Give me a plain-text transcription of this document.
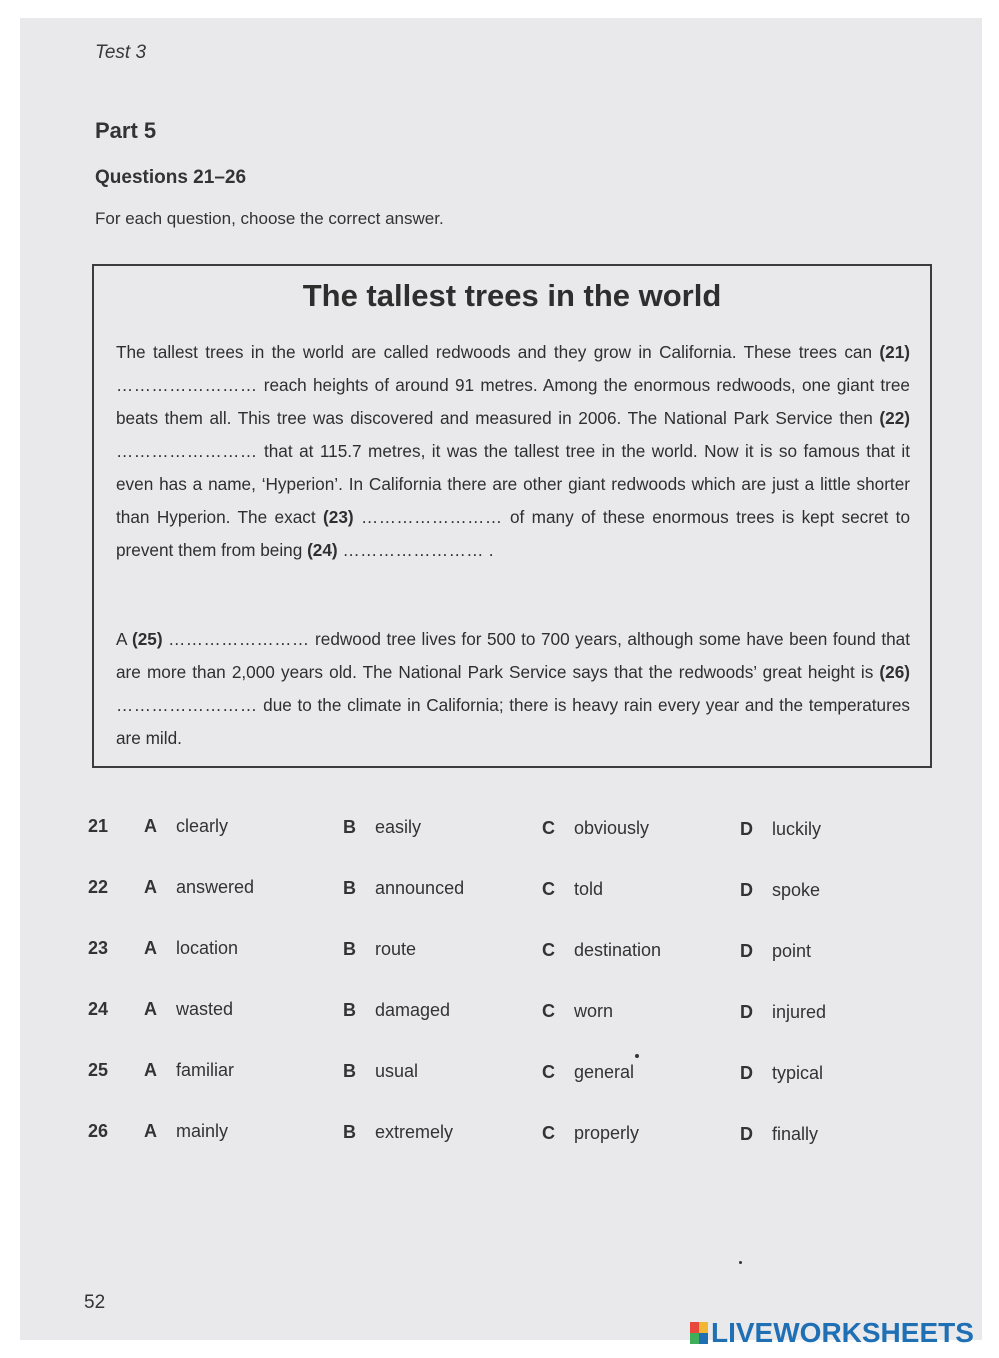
Test 3
Part 5
Questions 21–26
For each question, choose the correct answer.
The tallest trees in the world
The tallest trees in the world are called redwoods and they grow in California. These trees can (21) …………………… reach heights of around 91 metres. Among the enormous redwoods, one giant tree beats them all. This tree was discovered and measured in 2006. The National Park Service then (22) …………………… that at 115.7 metres, it was the tallest tree in the world. Now it is so famous that it even has a name, ‘Hyperion’. In California there are other giant redwoods which are just a little shorter than Hyperion. The exact (23) …………………… of many of these enormous trees is kept secret to prevent them from being (24) …………………… .
A (25) …………………… redwood tree lives for 500 to 700 years, although some have been found that are more than 2,000 years old. The National Park Service says that the redwoods’ great height is (26) …………………… due to the climate in California; there is heavy rain every year and the temperatures are mild.
21 A clearly	B easily	C obviously	D luckily
22 A answered	B announced	C told	D spoke
23 A location	B route	C destination	D point
24 A wasted	B damaged	C worn	D injured
25 A familiar	B usual	C general	D typical
26 A mainly	B extremely	C properly	D finally
52
LIVEWORKSHEETS
